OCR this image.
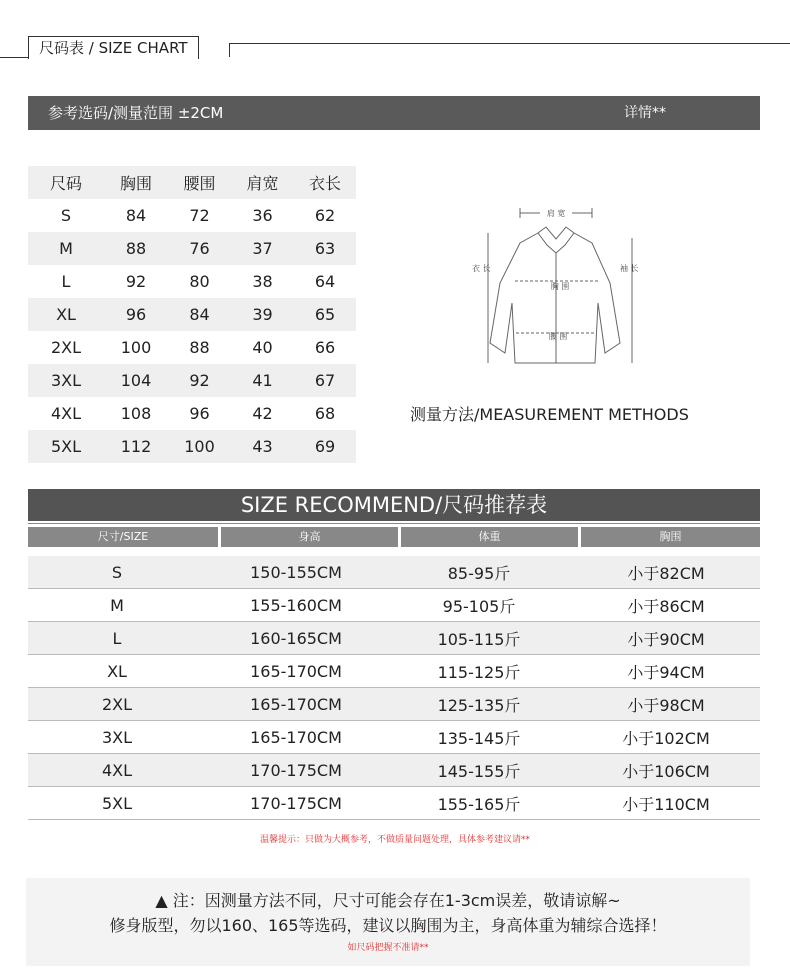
尺码表 / SIZE CHART
参考选码/测量范围 ±2CM	详情**
尺码	胸围	腰围	肩宽	衣长	
S	84	72	36	62	
M	88	76	37	63	
L	92	80	38	64	
XL	96	84	39	65	
2XL	100	88	40	66	
3XL	104	92	41	67	
4XL	108	96	42	68	
5XL	112	100	43	69	
肩 宽
衣 长	袖 长
胸 围
腰 围
测量方法/MEASUREMENT METHODS
SIZE RECOMMEND/尺码推荐表
尺寸/SIZE	身高	体重	胸围
S	150-155CM	85-95斤	小于82CM
M	155-160CM	95-105斤	小于86CM
L	160-165CM	105-115斤	小于90CM
XL	165-170CM	115-125斤	小于94CM
2XL	165-170CM	125-135斤	小于98CM
3XL	165-170CM	135-145斤	小于102CM
4XL	170-175CM	145-155斤	小于106CM
5XL	170-175CM	155-165斤	小于110CM
温馨提示：只做为大概参考，不做质量问题处理，具体参考建议请**
▲ 注：因测量方法不同，尺寸可能会存在1-3cm误差，敬请谅解~
修身版型，勿以160、165等选码，建议以胸围为主，身高体重为辅综合选择！
如尺码把握不准请**
